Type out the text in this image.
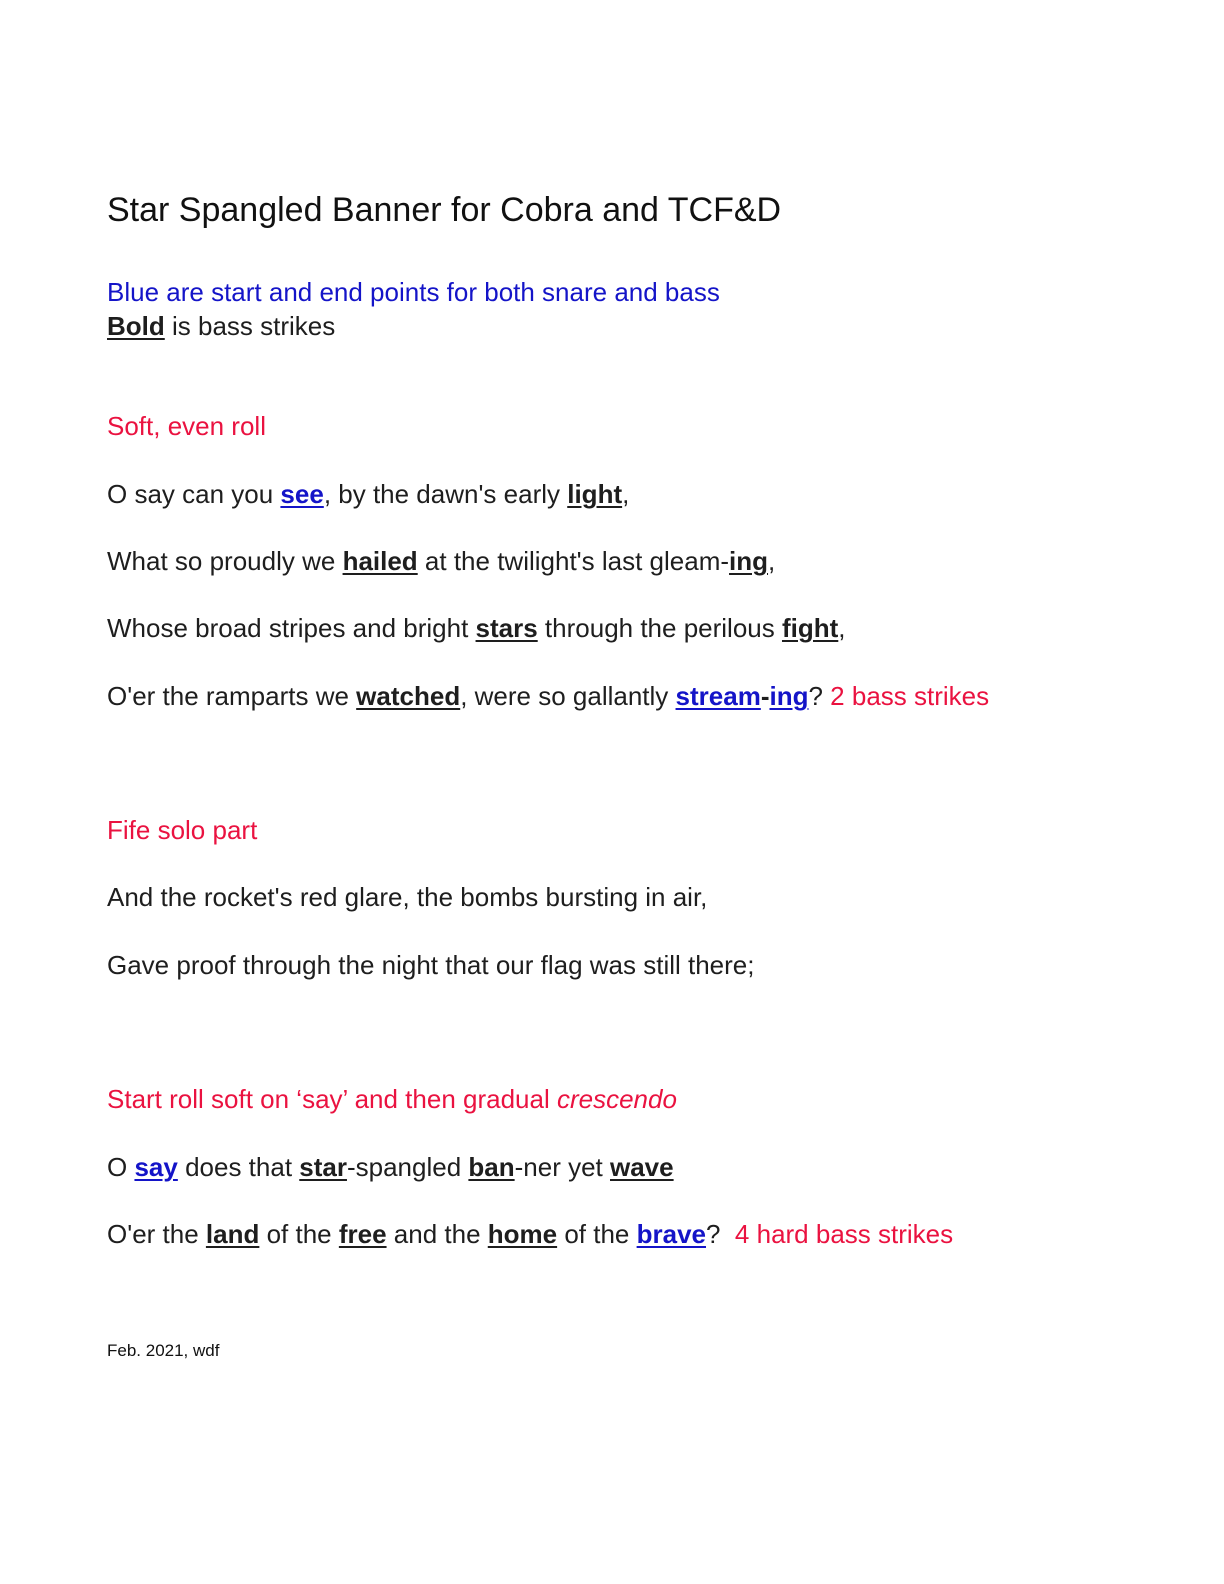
Star Spangled Banner for Cobra and TCF&D
Blue are start and end points for both snare and bass
Bold is bass strikes
Soft, even roll
O say can you see, by the dawn's early light,
What so proudly we hailed at the twilight's last gleam-ing,
Whose broad stripes and bright stars through the perilous fight,
O'er the ramparts we watched, were so gallantly stream-ing? 2 bass strikes
Fife solo part
And the rocket's red glare, the bombs bursting in air,
Gave proof through the night that our flag was still there;
Start roll soft on ‘say’ and then gradual crescendo
O say does that star-spangled ban-ner yet wave
O'er the land of the free and the home of the brave?  4 hard bass strikes
Feb. 2021, wdf
